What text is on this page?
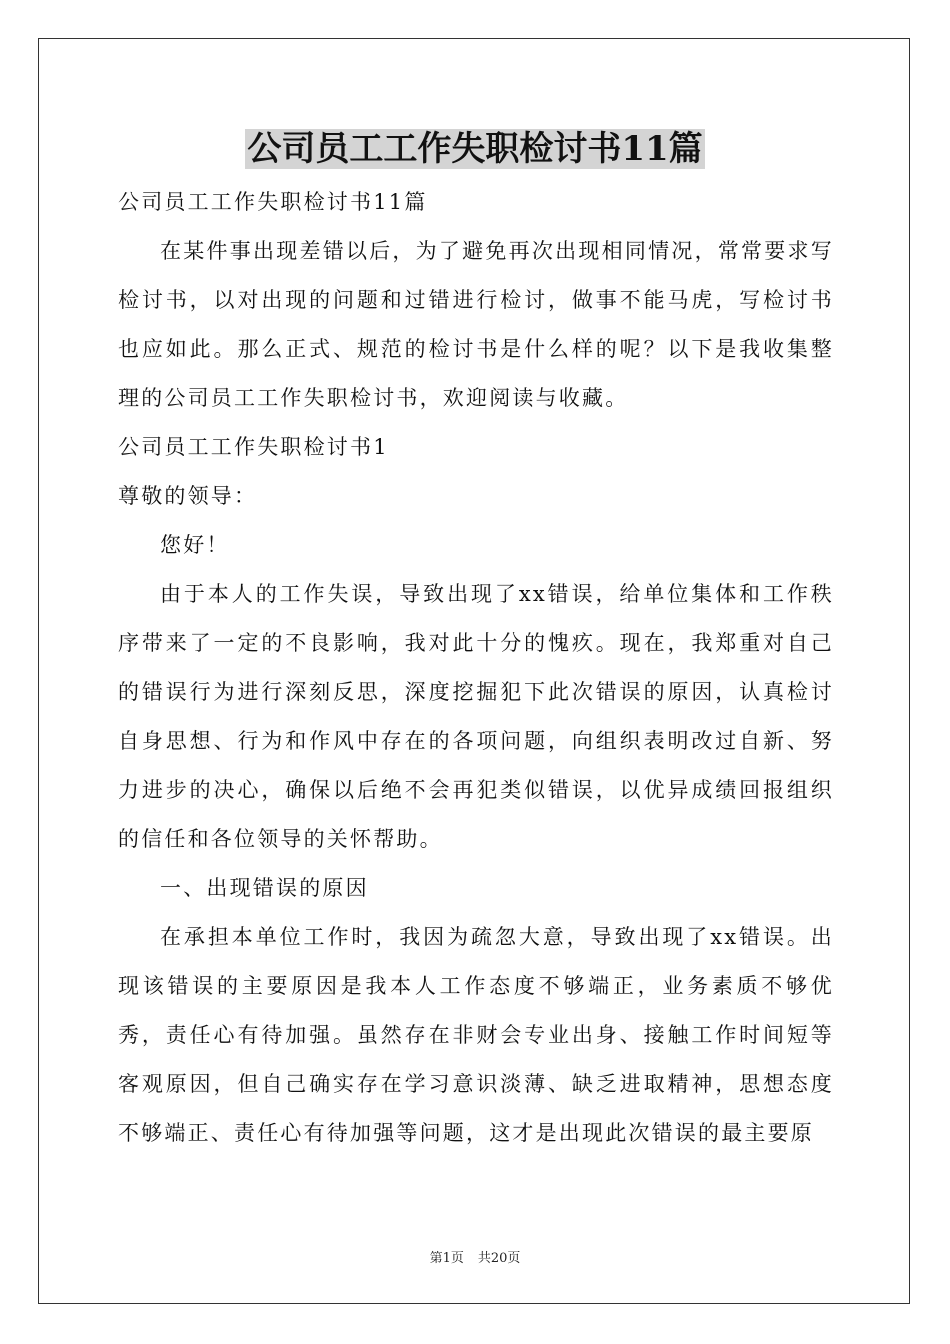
公司员工工作失职检讨书11篇

公司员工工作失职检讨书11篇

在某件事出现差错以后，为了避免再次出现相同情况，常常要求写检讨书，以对出现的问题和过错进行检讨，做事不能马虎，写检讨书也应如此。那么正式、规范的检讨书是什么样的呢？以下是我收集整理的公司员工工作失职检讨书，欢迎阅读与收藏。

公司员工工作失职检讨书1

尊敬的领导：

您好！

由于本人的工作失误，导致出现了xx错误，给单位集体和工作秩序带来了一定的不良影响，我对此十分的愧疚。现在，我郑重对自己的错误行为进行深刻反思，深度挖掘犯下此次错误的原因，认真检讨自身思想、行为和作风中存在的各项问题，向组织表明改过自新、努力进步的决心，确保以后绝不会再犯类似错误，以优异成绩回报组织的信任和各位领导的关怀帮助。

一、出现错误的原因

在承担本单位工作时，我因为疏忽大意，导致出现了xx错误。出现该错误的主要原因是我本人工作态度不够端正，业务素质不够优秀，责任心有待加强。虽然存在非财会专业出身、接触工作时间短等客观原因，但自己确实存在学习意识淡薄、缺乏进取精神，思想态度不够端正、责任心有待加强等问题，这才是出现此次错误的最主要原

第1页 共20页
